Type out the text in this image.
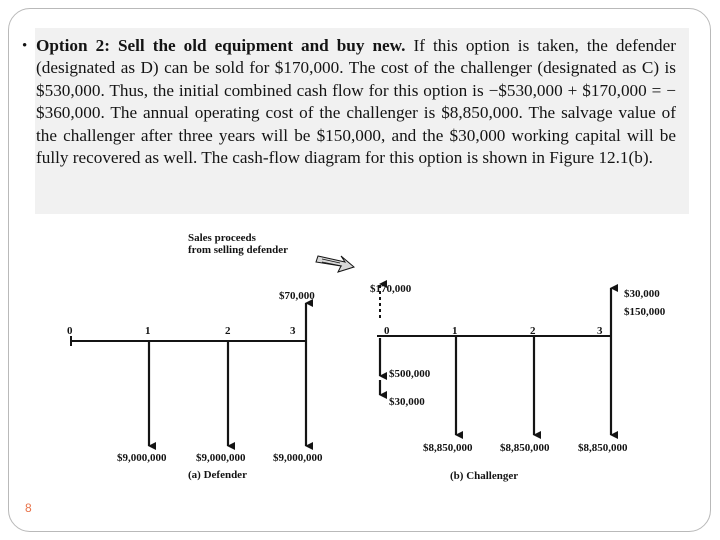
• Option 2: Sell the old equipment and buy new. If this option is taken, the defender (designated as D) can be sold for $170,000. The cost of the challenger (designated as C) is $530,000. Thus, the initial combined cash flow for this option is −$530,000 + $170,000 = −$360,000. The annual operating cost of the challenger is $8,850,000. The salvage value of the challenger after three years will be $150,000, and the $30,000 working capital will be fully recovered as well. The cash-flow diagram for this option is shown in Figure 12.1(b).

Sales proceeds
from selling defender
0	1	2	3
$70,000
$9,000,000	$9,000,000	$9,000,000
(a) Defender
0	1	2	3
$170,000
$500,000
$30,000
$30,000
$150,000
$8,850,000	$8,850,000	$8,850,000
(b) Challenger
8
